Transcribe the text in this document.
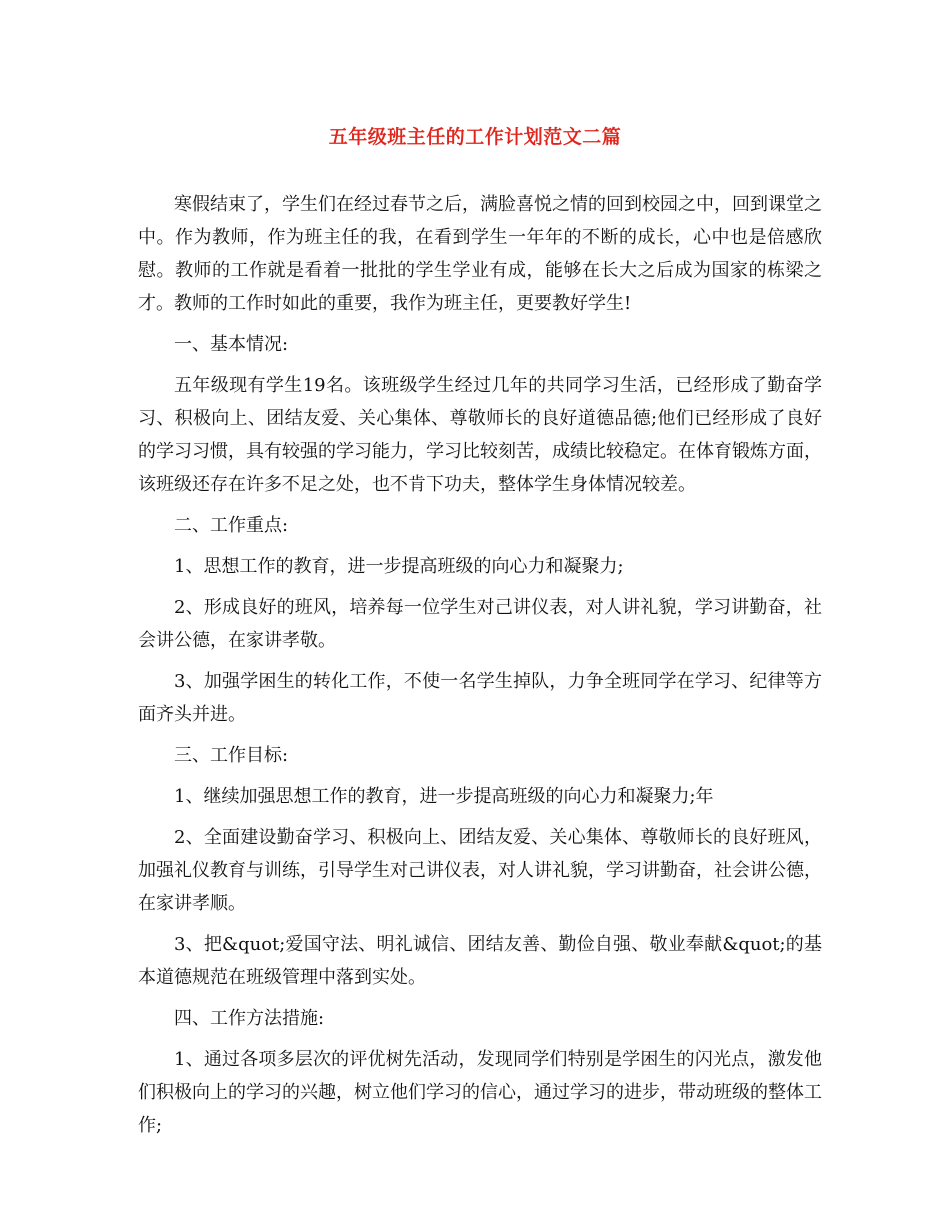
五年级班主任的工作计划范文二篇

寒假结束了，学生们在经过春节之后，满脸喜悦之情的回到校园之中，回到课堂之中。作为教师，作为班主任的我，在看到学生一年年的不断的成长，心中也是倍感欣慰。教师的工作就是看着一批批的学生学业有成，能够在长大之后成为国家的栋梁之才。教师的工作时如此的重要，我作为班主任，更要教好学生!

一、基本情况:

五年级现有学生19名。该班级学生经过几年的共同学习生活，已经形成了勤奋学习、积极向上、团结友爱、关心集体、尊敬师长的良好道德品德;他们已经形成了良好的学习习惯，具有较强的学习能力，学习比较刻苦，成绩比较稳定。在体育锻炼方面，该班级还存在许多不足之处，也不肯下功夫，整体学生身体情况较差。

二、工作重点:

1、思想工作的教育，进一步提高班级的向心力和凝聚力;

2、形成良好的班风，培养每一位学生对己讲仪表，对人讲礼貌，学习讲勤奋，社会讲公德，在家讲孝敬。

3、加强学困生的转化工作，不使一名学生掉队，力争全班同学在学习、纪律等方面齐头并进。

三、工作目标:

1、继续加强思想工作的教育，进一步提高班级的向心力和凝聚力;年

2、全面建设勤奋学习、积极向上、团结友爱、关心集体、尊敬师长的良好班风，加强礼仪教育与训练，引导学生对己讲仪表，对人讲礼貌，学习讲勤奋，社会讲公德，在家讲孝顺。

3、把&quot;爱国守法、明礼诚信、团结友善、勤俭自强、敬业奉献&quot;的基本道德规范在班级管理中落到实处。

四、工作方法措施:

1、通过各项多层次的评优树先活动，发现同学们特别是学困生的闪光点，激发他们积极向上的学习的兴趣，树立他们学习的信心，通过学习的进步，带动班级的整体工作;
